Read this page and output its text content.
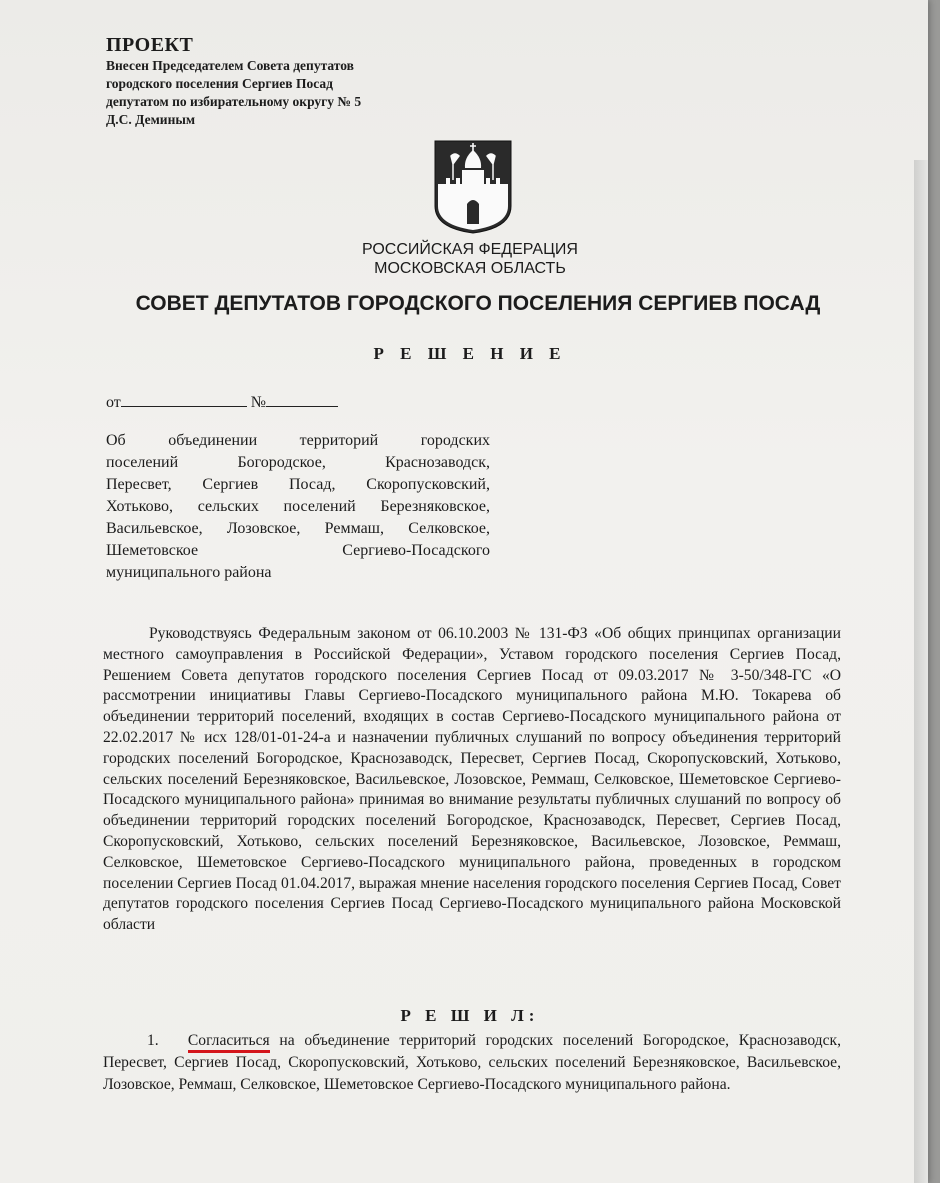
ПРОЕКТ
Внесен Председателем Совета депутатов
городского поселения Сергиев Посад
депутатом по избирательному округу № 5
Д.С. Деминым
РОССИЙСКАЯ ФЕДЕРАЦИЯ
МОСКОВСКАЯ ОБЛАСТЬ
СОВЕТ ДЕПУТАТОВ ГОРОДСКОГО ПОСЕЛЕНИЯ СЕРГИЕВ ПОСАД
Р Е Ш Е Н И Е
от	№

Об объединении территорий городских

поселений Богородское, Краснозаводск,

Пересвет, Сергиев Посад, Скоропусковский,

Хотьково, сельских поселений Березняковское,

Васильевское, Лозовское, Реммаш, Селковское,

Шеметовское Сергиево-Посадского

муниципального района

Руководствуясь Федеральным законом от 06.10.2003 № 131-ФЗ «Об общих принципах организации местного самоуправления в Российской Федерации», Уставом городского поселения Сергиев Посад, Решением Совета депутатов городского поселения Сергиев Посад от 09.03.2017 № 3-50/348-ГС «О рассмотрении инициативы Главы Сергиево-Посадского муниципального района М.Ю. Токарева об объединении территорий поселений, входящих в состав Сергиево-Посадского муниципального района от 22.02.2017 № исх 128/01-01-24-а и назначении публичных слушаний по вопросу объединения территорий городских поселений Богородское, Краснозаводск, Пересвет, Сергиев Посад, Скоропусковский, Хотьково, сельских поселений Березняковское, Васильевское, Лозовское, Реммаш, Селковское, Шеметовское Сергиево-Посадского муниципального района» принимая во внимание результаты публичных слушаний по вопросу об объединении территорий городских поселений Богородское, Краснозаводск, Пересвет, Сергиев Посад, Скоропусковский, Хотьково, сельских поселений Березняковское, Васильевское, Лозовское, Реммаш, Селковское, Шеметовское Сергиево-Посадского муниципального района, проведенных в городском поселении Сергиев Посад 01.04.2017, выражая мнение населения городского поселения Сергиев Посад, Совет депутатов городского поселения Сергиев Посад Сергиево-Посадского муниципального района Московской области

Р Е Ш И Л:

1. Согласиться на объединение территорий городских поселений Богородское, Краснозаводск, Пересвет, Сергиев Посад, Скоропусковский, Хотьково, сельских поселений Березняковское, Васильевское, Лозовское, Реммаш, Селковское, Шеметовское Сергиево-Посадского муниципального района.
